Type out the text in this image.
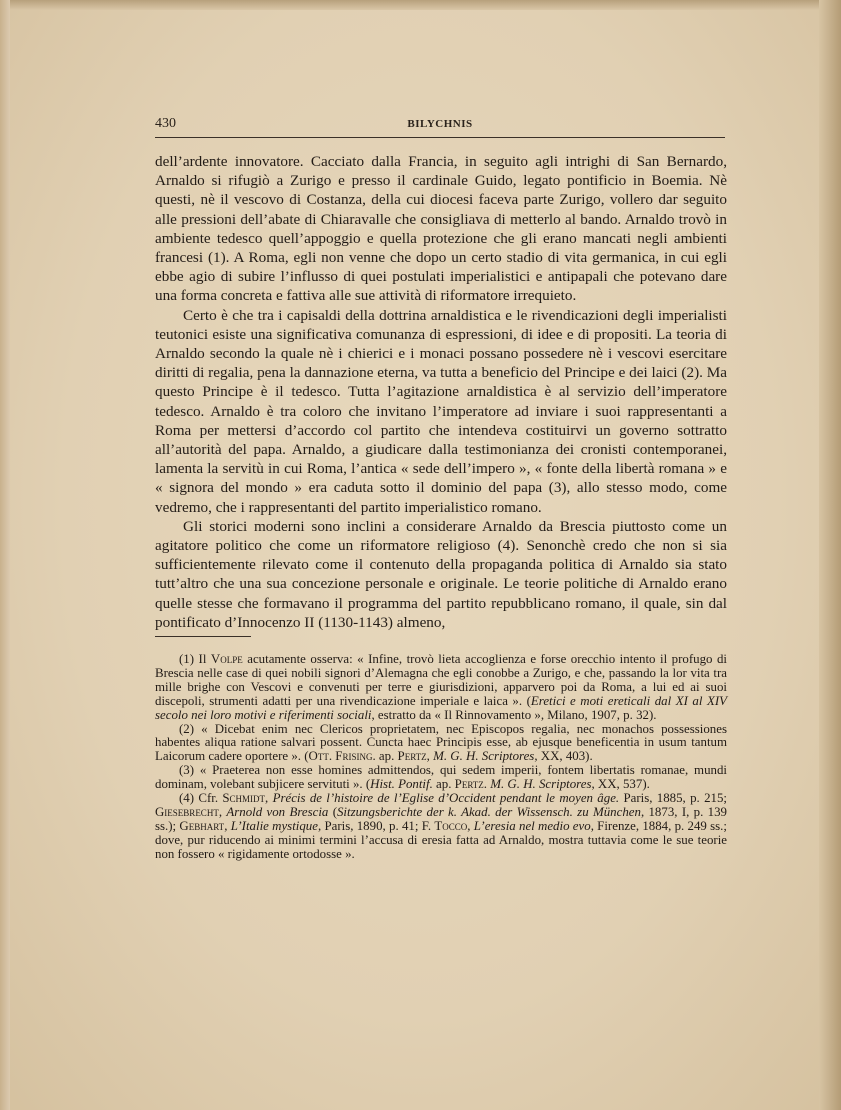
430	BILYCHNIS

dell’ardente innovatore. Cacciato dalla Francia, in seguito agli intrighi di San Bernardo, Arnaldo si rifugiò a Zurigo e presso il cardinale Guido, legato pontificio in Boemia. Nè questi, nè il vescovo di Costanza, della cui diocesi faceva parte Zurigo, vollero dar seguito alle pressioni dell’abate di Chiaravalle che consigliava di metterlo al bando. Arnaldo trovò in ambiente tedesco quell’appoggio e quella protezione che gli erano mancati negli ambienti francesi (1). A Roma, egli non venne che dopo un certo stadio di vita germanica, in cui egli ebbe agio di subire l’influsso di quei postulati imperialistici e antipapali che potevano dare una forma concreta e fattiva alle sue attività di riformatore irrequieto.

Certo è che tra i capisaldi della dottrina arnaldistica e le rivendicazioni degli imperialisti teutonici esiste una significativa comunanza di espressioni, di idee e di propositi. La teoria di Arnaldo secondo la quale nè i chierici e i monaci possano possedere nè i vescovi esercitare diritti di regalia, pena la dannazione eterna, va tutta a beneficio del Principe e dei laici (2). Ma questo Principe è il tedesco. Tutta l’agitazione arnaldistica è al servizio dell’imperatore tedesco. Arnaldo è tra coloro che invitano l’imperatore ad inviare i suoi rappresentanti a Roma per mettersi d’accordo col partito che intendeva costituirvi un governo sottratto all’autorità del papa. Arnaldo, a giudicare dalla testimonianza dei cronisti contemporanei, lamenta la servitù in cui Roma, l’antica « sede dell’impero », « fonte della libertà romana » e « signora del mondo » era caduta sotto il dominio del papa (3), allo stesso modo, come vedremo, che i rappresentanti del partito imperialistico romano.

Gli storici moderni sono inclini a considerare Arnaldo da Brescia piuttosto come un agitatore politico che come un riformatore religioso (4). Senonchè credo che non si sia sufficientemente rilevato come il contenuto della propaganda politica di Arnaldo sia stato tutt’altro che una sua concezione personale e originale. Le teorie politiche di Arnaldo erano quelle stesse che formavano il programma del partito repubblicano romano, il quale, sin dal pontificato d’Innocenzo II (1130-1143) almeno,

(1) Il Volpe acutamente osserva: « Infine, trovò lieta accoglienza e forse orecchio intento il profugo di Brescia nelle case di quei nobili signori d’Alemagna che egli conobbe a Zurigo, e che, passando la lor vita tra mille brighe con Vescovi e convenuti per terre e giurisdizioni, apparvero poi da Roma, a lui ed ai suoi discepoli, strumenti adatti per una rivendicazione imperiale e laica ». (Eretici e moti ereticali dal XI al XIV secolo nei loro motivi e riferimenti sociali, estratto da « Il Rinnovamento », Milano, 1907, p. 32).

(2) « Dicebat enim nec Clericos proprietatem, nec Episcopos regalia, nec monachos possessiones habentes aliqua ratione salvari possent. Cuncta haec Principis esse, ab ejusque beneficentia in usum tantum Laicorum cadere oportere ». (Ott. Frising. ap. Pertz, M. G. H. Scriptores, XX, 403).

(3) « Praeterea non esse homines admittendos, qui sedem imperii, fontem libertatis romanae, mundi dominam, volebant subjicere servituti ». (Hist. Pontif. ap. Pertz. M. G. H. Scriptores, XX, 537).

(4) Cfr. Schmidt, Précis de l’histoire de l’Eglise d’Occident pendant le moyen âge. Paris, 1885, p. 215; Giesebrecht, Arnold von Brescia (Sitzungsberichte der k. Akad. der Wissensch. zu München, 1873, I, p. 139 ss.); Gebhart, L’Italie mystique, Paris, 1890, p. 41; F. Tocco, L’eresia nel medio evo, Firenze, 1884, p. 249 ss.; dove, pur riducendo ai minimi termini l’accusa di eresia fatta ad Arnaldo, mostra tuttavia come le sue teorie non fossero « rigidamente ortodosse ».
